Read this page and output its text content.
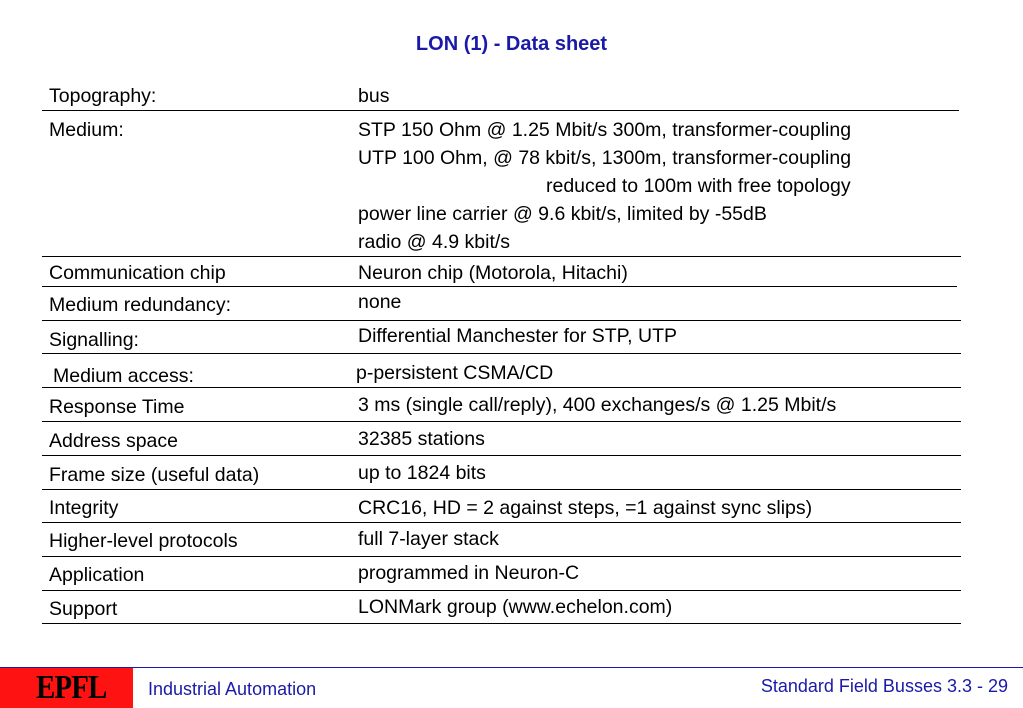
LON (1) - Data sheet
Topography:	bus
Medium:	STP 150 Ohm @ 1.25 Mbit/s 300m, transformer-coupling
UTP 100 Ohm, @ 78 kbit/s, 1300m, transformer-coupling
reduced to 100m with free topology
power line carrier @ 9.6 kbit/s, limited by -55dB
radio @ 4.9 kbit/s
Communication chip	Neuron chip (Motorola, Hitachi)
Medium redundancy:	none
Signalling:	Differential Manchester for STP, UTP
Medium access:	p-persistent CSMA/CD
Response Time	3 ms (single call/reply), 400 exchanges/s @ 1.25 Mbit/s
Address space	32385 stations
Frame size (useful data)	up to 1824 bits
Integrity	CRC16, HD = 2 against steps, =1 against sync slips)
Higher-level protocols	full 7-layer stack
Application	programmed in Neuron-C
Support	LONMark group (www.echelon.com)
EPFL Industrial Automation	Standard Field Busses 3.3 - 29
